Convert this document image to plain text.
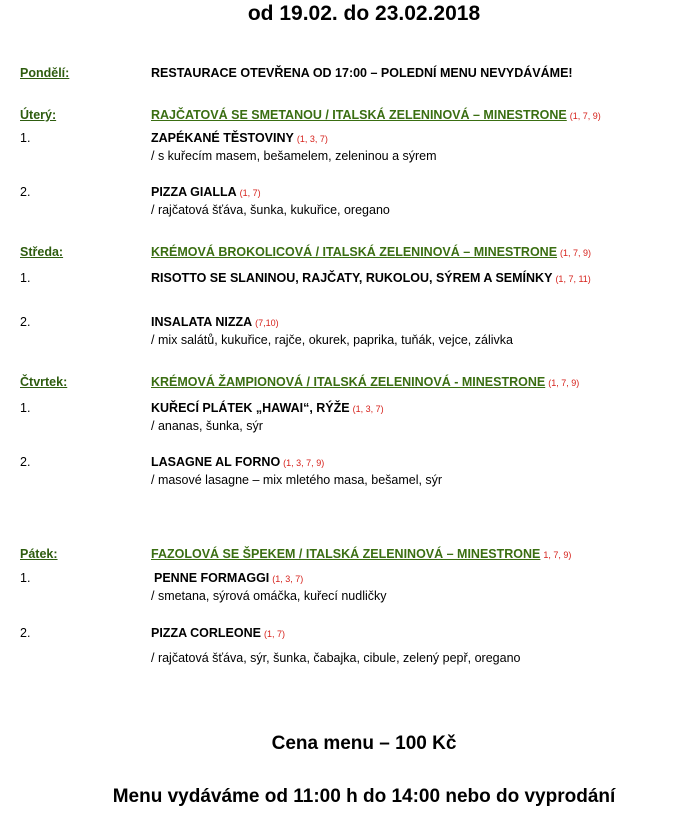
od 19.02. do 23.02.2018
Pondělí:	RESTAURACE OTEVŘENA OD 17:00 – POLEDNÍ MENU NEVYDÁVÁME!
Úterý:	RAJČATOVÁ SE SMETANOU / ITALSKÁ ZELENINOVÁ – MINESTRONE (1, 7, 9)
1.	ZAPÉKANÉ TĚSTOVINY (1, 3, 7)
/ s kuřecím masem, bešamelem, zeleninou a sýrem
2.	PIZZA GIALLA (1, 7)
/ rajčatová šťáva, šunka, kukuřice, oregano
Středa:	KRÉMOVÁ BROKOLICOVÁ / ITALSKÁ ZELENINOVÁ – MINESTRONE (1, 7, 9)
1.	RISOTTO SE SLANINOU, RAJČATY, RUKOLOU, SÝREM A SEMÍNKY (1, 7, 11)
2.	INSALATA NIZZA (7,10)
/ mix salátů, kukuřice, rajče, okurek, paprika, tuňák, vejce, zálivka
Čtvrtek:	KRÉMOVÁ ŽAMPIONOVÁ / ITALSKÁ ZELENINOVÁ - MINESTRONE (1, 7, 9)
1.	KUŘECÍ PLÁTEK „HAWAI“, RÝŽE (1, 3, 7)
/ ananas, šunka, sýr
2.	LASAGNE AL FORNO (1, 3, 7, 9)
/ masové lasagne – mix mletého masa, bešamel, sýr
Pátek:	FAZOLOVÁ SE ŠPEKEM / ITALSKÁ ZELENINOVÁ – MINESTRONE 1, 7, 9)
1.	PENNE FORMAGGI (1, 3, 7)
/ smetana, sýrová omáčka, kuřecí nudličky
2.	PIZZA CORLEONE (1, 7)
/ rajčatová šťáva, sýr, šunka, čabajka, cibule, zelený pepř, oregano
Cena menu – 100 Kč
Menu vydáváme od 11:00 h do 14:00 nebo do vyprodání
